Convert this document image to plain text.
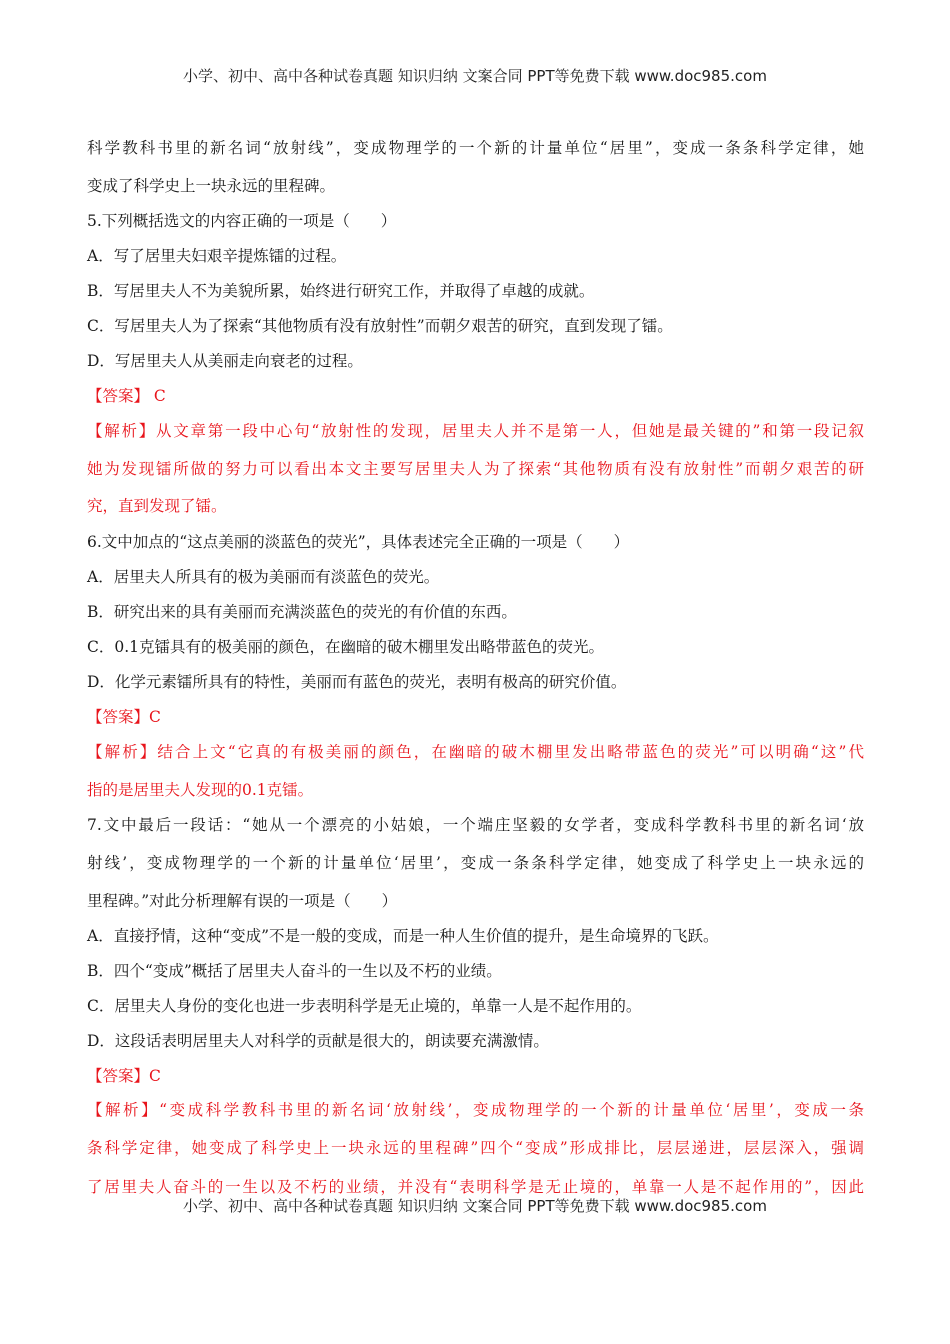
小学、初中、高中各种试卷真题 知识归纳 文案合同 PPT等免费下载 www.doc985.com
科学教科书里的新名词“放射线”，变成物理学的一个新的计量单位“居里”，变成一条条科学定律，她
变成了科学史上一块永远的里程碑。
5.下列概括选文的内容正确的一项是（　　）
A．写了居里夫妇艰辛提炼镭的过程。
B．写居里夫人不为美貌所累，始终进行研究工作，并取得了卓越的成就。
C．写居里夫人为了探索“其他物质有没有放射性”而朝夕艰苦的研究，直到发现了镭。
D．写居里夫人从美丽走向衰老的过程。
【答案】 C
【解析】从文章第一段中心句“放射性的发现，居里夫人并不是第一人，但她是最关键的”和第一段记叙
她为发现镭所做的努力可以看出本文主要写居里夫人为了探索“其他物质有没有放射性”而朝夕艰苦的研
究，直到发现了镭。
6.文中加点的“这点美丽的淡蓝色的荧光”，具体表述完全正确的一项是（　　）
A．居里夫人所具有的极为美丽而有淡蓝色的荧光。
B．研究出来的具有美丽而充满淡蓝色的荧光的有价值的东西。
C．0.1克镭具有的极美丽的颜色，在幽暗的破木棚里发出略带蓝色的荧光。
D．化学元素镭所具有的特性，美丽而有蓝色的荧光，表明有极高的研究价值。
【答案】C
【解析】结合上文“它真的有极美丽的颜色，在幽暗的破木棚里发出略带蓝色的荧光”可以明确“这”代
指的是居里夫人发现的0.1克镭。
7.文中最后一段话：“她从一个漂亮的小姑娘，一个端庄坚毅的女学者，变成科学教科书里的新名词‘放
射线’，变成物理学的一个新的计量单位‘居里’，变成一条条科学定律，她变成了科学史上一块永远的
里程碑。”对此分析理解有误的一项是（　　）
A．直接抒情，这种“变成”不是一般的变成，而是一种人生价值的提升，是生命境界的飞跃。
B．四个“变成”概括了居里夫人奋斗的一生以及不朽的业绩。
C．居里夫人身份的变化也进一步表明科学是无止境的，单靠一人是不起作用的。
D．这段话表明居里夫人对科学的贡献是很大的，朗读要充满激情。
【答案】C
【解析】“变成科学教科书里的新名词‘放射线’，变成物理学的一个新的计量单位‘居里’，变成一条
条科学定律，她变成了科学史上一块永远的里程碑”四个“变成”形成排比，层层递进，层层深入，强调
了居里夫人奋斗的一生以及不朽的业绩，并没有“表明科学是无止境的，单靠一人是不起作用的”，因此
小学、初中、高中各种试卷真题 知识归纳 文案合同 PPT等免费下载 www.doc985.com
